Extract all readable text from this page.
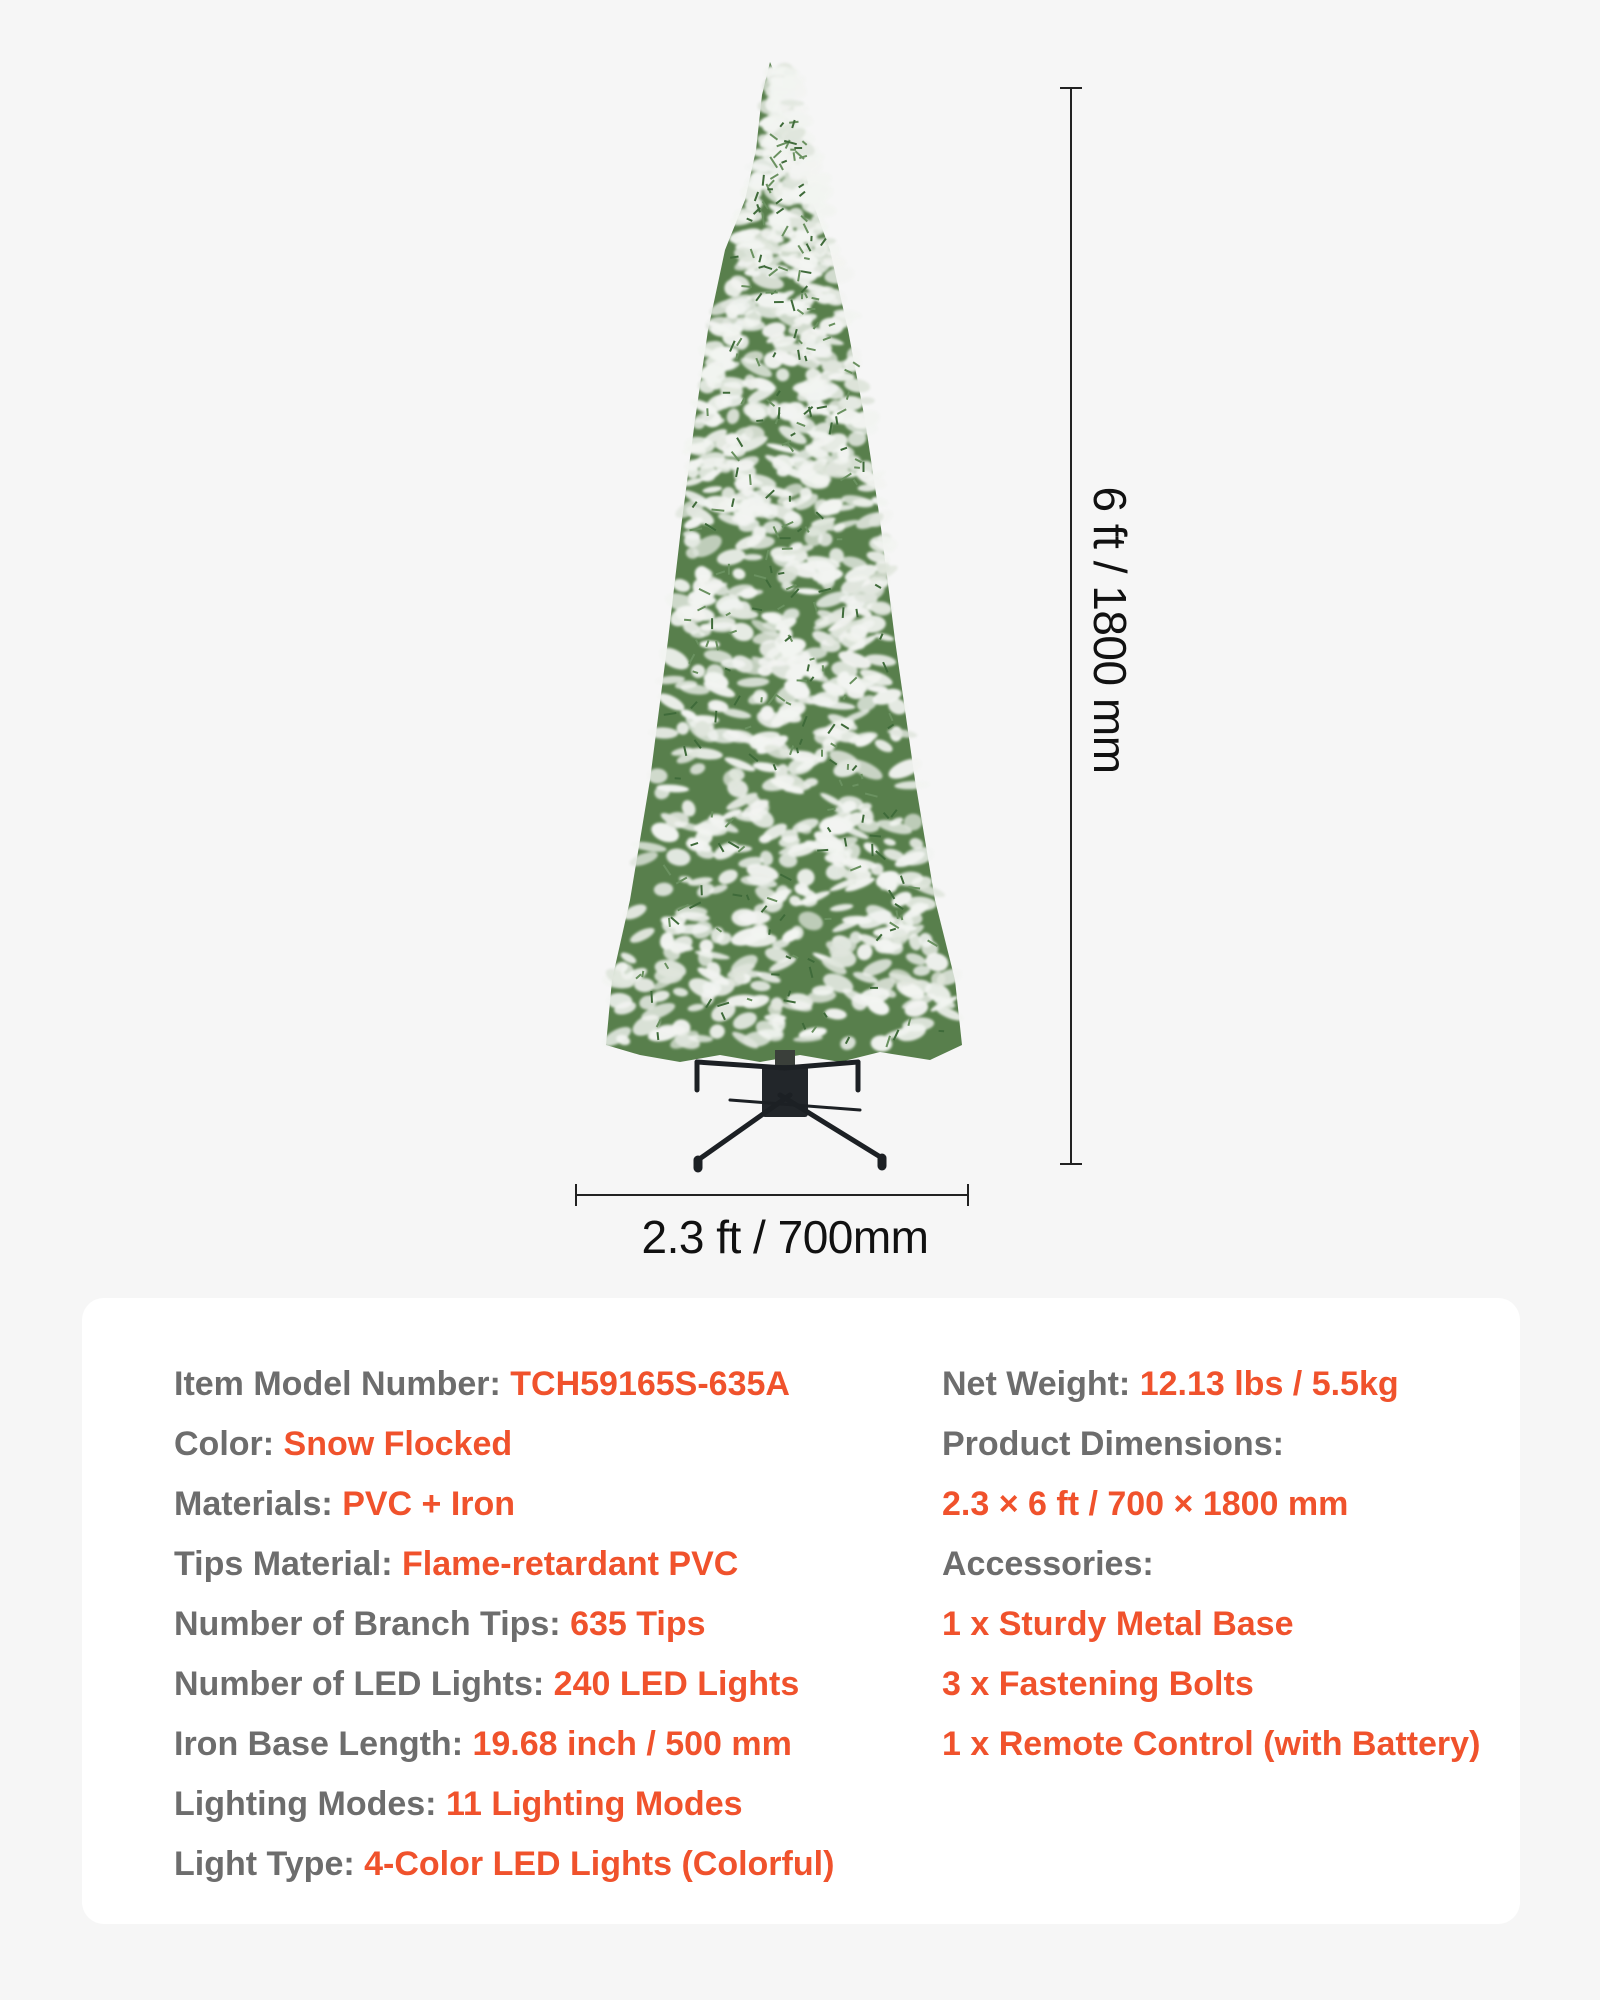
2.3 ft / 700mm
6 ft / 1800 mm
Item Model Number: TCH59165S-635A
Color: Snow Flocked
Materials: PVC + Iron
Tips Material: Flame-retardant PVC
Number of Branch Tips: 635 Tips
Number of LED Lights: 240 LED Lights
Iron Base Length: 19.68 inch / 500 mm
Lighting Modes: 11 Lighting Modes
Light Type: 4-Color LED Lights (Colorful)
Net Weight: 12.13 lbs / 5.5kg
Product Dimensions:
2.3 × 6 ft / 700 × 1800 mm
Accessories:
1 x Sturdy Metal Base
3 x Fastening Bolts
1 x Remote Control (with Battery)
